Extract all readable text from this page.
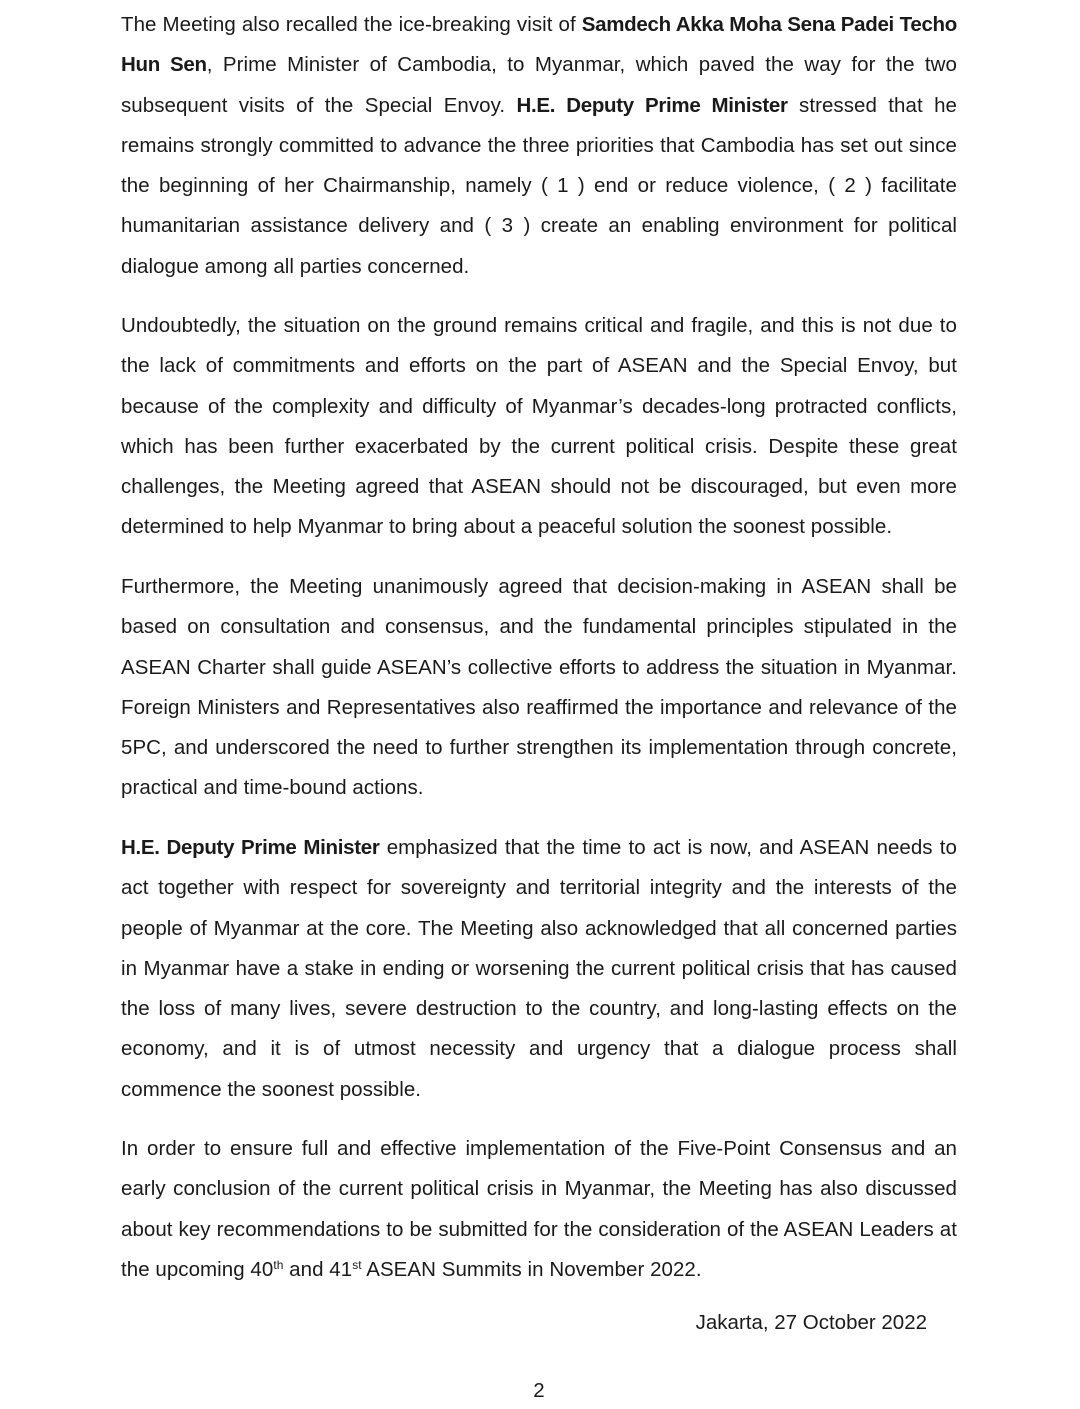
The Meeting also recalled the ice-breaking visit of Samdech Akka Moha Sena Padei Techo Hun Sen, Prime Minister of Cambodia, to Myanmar, which paved the way for the two subsequent visits of the Special Envoy. H.E. Deputy Prime Minister stressed that he remains strongly committed to advance the three priorities that Cambodia has set out since the beginning of her Chairmanship, namely ( 1 ) end or reduce violence, ( 2 ) facilitate humanitarian assistance delivery and ( 3 ) create an enabling environment for political dialogue among all parties concerned.

Undoubtedly, the situation on the ground remains critical and fragile, and this is not due to the lack of commitments and efforts on the part of ASEAN and the Special Envoy, but because of the complexity and difficulty of Myanmar’s decades-long protracted conflicts, which has been further exacerbated by the current political crisis. Despite these great challenges, the Meeting agreed that ASEAN should not be discouraged, but even more determined to help Myanmar to bring about a peaceful solution the soonest possible.

Furthermore, the Meeting unanimously agreed that decision-making in ASEAN shall be based on consultation and consensus, and the fundamental principles stipulated in the ASEAN Charter shall guide ASEAN’s collective efforts to address the situation in Myanmar. Foreign Ministers and Representatives also reaffirmed the importance and relevance of the 5PC, and underscored the need to further strengthen its implementation through concrete, practical and time-bound actions.

H.E. Deputy Prime Minister emphasized that the time to act is now, and ASEAN needs to act together with respect for sovereignty and territorial integrity and the interests of the people of Myanmar at the core. The Meeting also acknowledged that all concerned parties in Myanmar have a stake in ending or worsening the current political crisis that has caused the loss of many lives, severe destruction to the country, and long-lasting effects on the economy, and it is of utmost necessity and urgency that a dialogue process shall commence the soonest possible.

In order to ensure full and effective implementation of the Five-Point Consensus and an early conclusion of the current political crisis in Myanmar, the Meeting has also discussed about key recommendations to be submitted for the consideration of the ASEAN Leaders at the upcoming 40th and 41st ASEAN Summits in November 2022.

Jakarta, 27 October 2022

2
